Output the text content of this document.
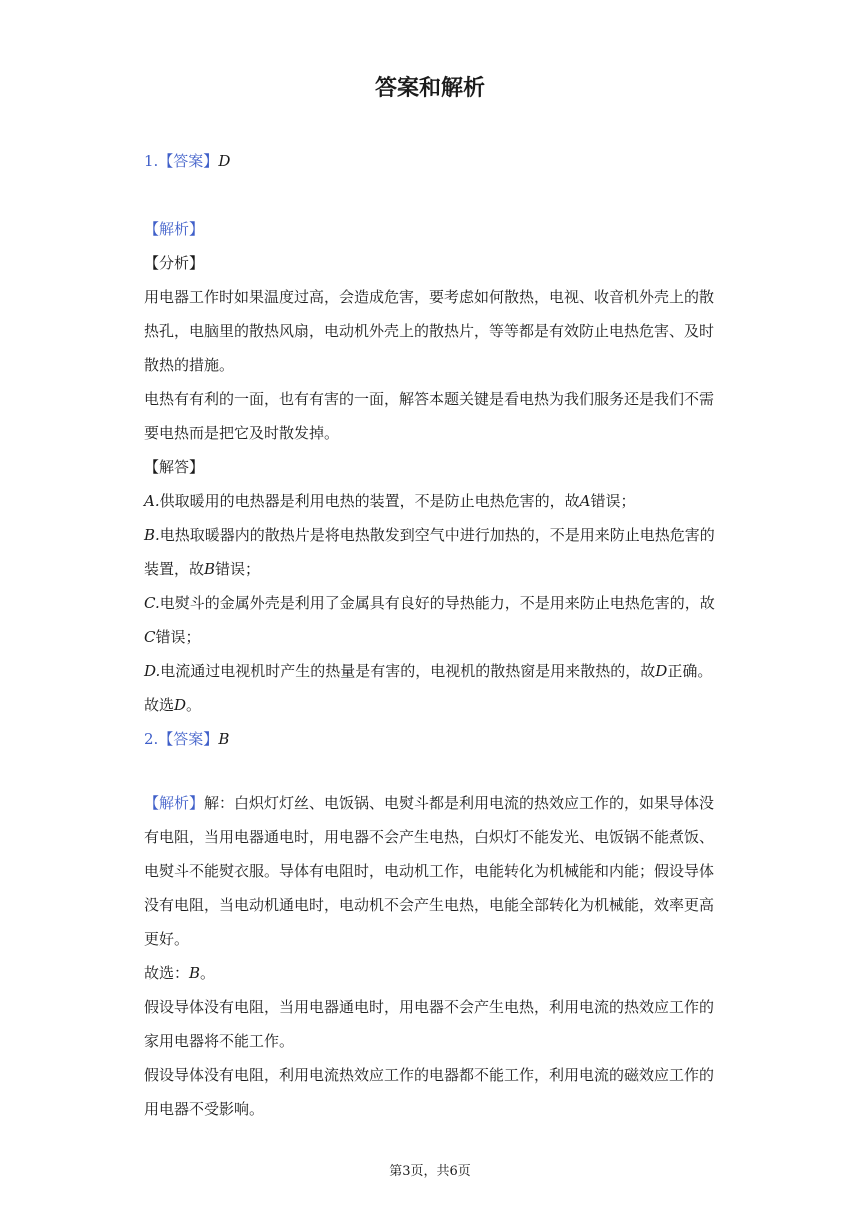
答案和解析
1.【答案】D
【解析】
【分析】
用电器工作时如果温度过高，会造成危害，要考虑如何散热，电视、收音机外壳上的散热孔，电脑里的散热风扇，电动机外壳上的散热片，等等都是有效防止电热危害、及时散热的措施。
电热有有利的一面，也有有害的一面，解答本题关键是看电热为我们服务还是我们不需要电热而是把它及时散发掉。
【解答】
A.供取暖用的电热器是利用电热的装置，不是防止电热危害的，故A错误；
B.电热取暖器内的散热片是将电热散发到空气中进行加热的，不是用来防止电热危害的装置，故B错误；
C.电熨斗的金属外壳是利用了金属具有良好的导热能力，不是用来防止电热危害的，故C错误；
D.电流通过电视机时产生的热量是有害的，电视机的散热窗是用来散热的，故D正确。
故选D。
2.【答案】B
【解析】解：白炽灯灯丝、电饭锅、电熨斗都是利用电流的热效应工作的，如果导体没有电阻，当用电器通电时，用电器不会产生电热，白炽灯不能发光、电饭锅不能煮饭、电熨斗不能熨衣服。导体有电阻时，电动机工作，电能转化为机械能和内能；假设导体没有电阻，当电动机通电时，电动机不会产生电热，电能全部转化为机械能，效率更高更好。
故选：B。
假设导体没有电阻，当用电器通电时，用电器不会产生电热，利用电流的热效应工作的家用电器将不能工作。
假设导体没有电阻，利用电流热效应工作的电器都不能工作，利用电流的磁效应工作的用电器不受影响。
第3页，共6页
